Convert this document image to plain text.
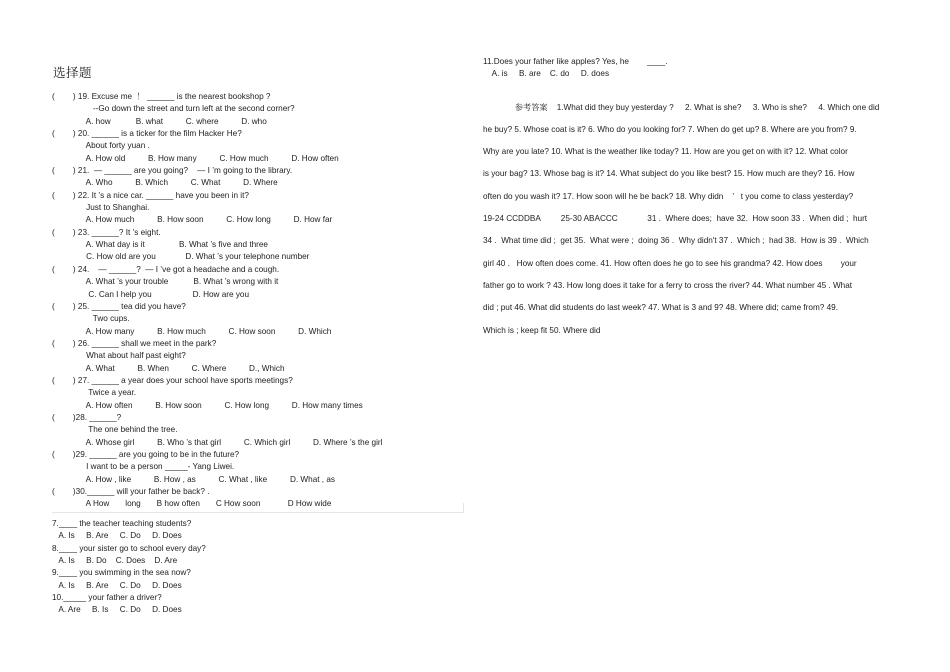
选择题
(        ) 19. Excuse me  ！ ______ is the nearest bookshop ?
--Go down the street and turn left at the second corner?
A. how           B. what          C. where          D. who
(        ) 20. ______ is a ticker for the film Hacker He?
About forty yuan .
A. How old          B. How many          C. How much          D. How often
(        ) 21.  — ______ are you going?    — I ’m going to the library.
A. Who          B. Which          C. What          D. Where
(        ) 22. It ’s a nice car. ______ have you been in it?
Just to Shanghai.
A. How much          B. How soon          C. How long          D. How far
(        ) 23. ______? It ’s eight.
A. What day is it               B. What ’s five and three
C. How old are you             D. What ’s your telephone number
(        ) 24.    — ______?  — I ’ve got a headache and a cough.
A. What ’s your trouble           B. What ’s wrong with it
C. Can I help you                  D. How are you
(        ) 25. ______ tea did you have?
Two cups.
A. How many          B. How much          C. How soon          D. Which
(        ) 26. ______ shall we meet in the park?
What about half past eight?
A. What          B. When          C. Where          D., Which
(        ) 27. ______ a year does your school have sports meetings?
Twice a year.
A. How often          B. How soon          C. How long          D. How many times
(        )28. ______?
The one behind the tree.
A. Whose girl          B. Who ’s that girl          C. Which girl          D. Where ’s the girl
(        )29. ______ are you going to be in the future?
I want to be a person _____- Yang Liwei.
A. How , like          B. How , as          C. What , like          D. What , as
(        )30.______ will your father be back? .
A How       long       B how often       C How soon            D How wide
7.____ the teacher teaching students?
A. Is     B. Are     C. Do     D. Does
8.____ your sister go to school every day?
A. Is     B. Do    C. Does    D. Are
9.____ you swimming in the sea now?
A. Is     B. Are     C. Do     D. Does
10._____ your father a driver?
A. Are     B. Is     C. Do     D. Does
11.Does your father like apples? Yes, he        ____.
A. is     B. are    C. do     D. does
参考答案    1.What did they buy yesterday ?     2. What is she?     3. Who is she?     4. Which one did
he buy? 5. Whose coat is it? 6. Who do you looking for? 7. When do get up? 8. Where are you from? 9.
Why are you late? 10. What is the weather like today? 11. How are you get on with it? 12. What color
is your bag? 13. Whose bag is it? 14. What subject do you like best? 15. How much are they? 16. How
often do you wash it? 17. How soon will he be back? 18. Why didn    ’   t you come to class yesterday?
19-24 CCDDBA         25-30 ABACCC             31 .  Where does;  have 32.  How soon 33 .  When did ;  hurt
34 .  What time did ;  get 35.  What were ;  doing 36 .  Why didn't 37 .  Which ;  had 38.  How is 39 .  Which
girl 40 .   How often does come. 41. How often does he go to see his grandma? 42. How does        your
father go to work ? 43. How long does it take for a ferry to cross the river? 44. What number 45 . What
did ; put 46. What did students do last week? 47. What is 3 and 9? 48. Where did; came from? 49.
Which is ; keep fit 50. Where did
